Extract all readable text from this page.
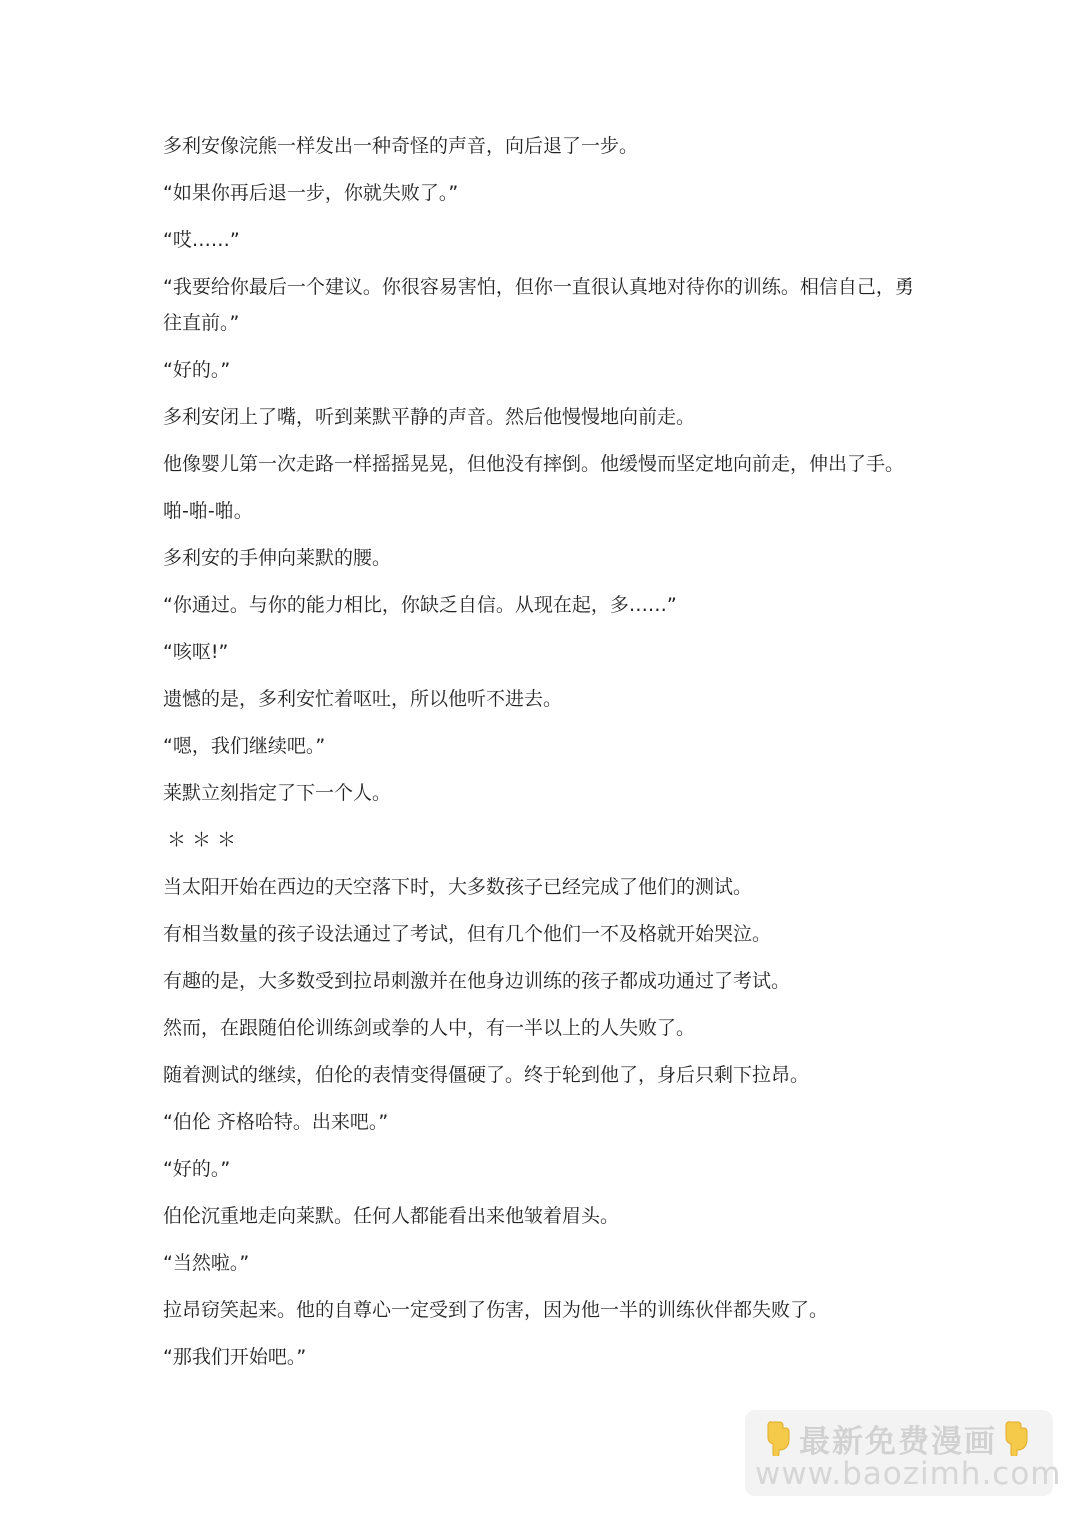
多利安像浣熊一样发出一种奇怪的声音，向后退了一步。

“如果你再后退一步，你就失败了。”

“哎……”

“我要给你最后一个建议。你很容易害怕，但你一直很认真地对待你的训练。相信自己，勇往直前。”

“好的。”

多利安闭上了嘴，听到莱默平静的声音。然后他慢慢地向前走。

他像婴儿第一次走路一样摇摇晃晃，但他没有摔倒。他缓慢而坚定地向前走，伸出了手。

啪-啪-啪。

多利安的手伸向莱默的腰。

“你通过。与你的能力相比，你缺乏自信。从现在起，多……”

“咳呕!”

遗憾的是，多利安忙着呕吐，所以他听不进去。

“嗯，我们继续吧。”

莱默立刻指定了下一个人。

＊＊＊

当太阳开始在西边的天空落下时，大多数孩子已经完成了他们的测试。

有相当数量的孩子设法通过了考试，但有几个他们一不及格就开始哭泣。

有趣的是，大多数受到拉昂刺激并在他身边训练的孩子都成功通过了考试。

然而，在跟随伯伦训练剑或拳的人中，有一半以上的人失败了。

随着测试的继续，伯伦的表情变得僵硬了。终于轮到他了，身后只剩下拉昂。

“伯伦 齐格哈特。出来吧。”

“好的。”

伯伦沉重地走向莱默。任何人都能看出来他皱着眉头。

“当然啦。”

拉昂窃笑起来。他的自尊心一定受到了伤害，因为他一半的训练伙伴都失败了。

“那我们开始吧。”

最新免费漫画
www.baozimh.com
